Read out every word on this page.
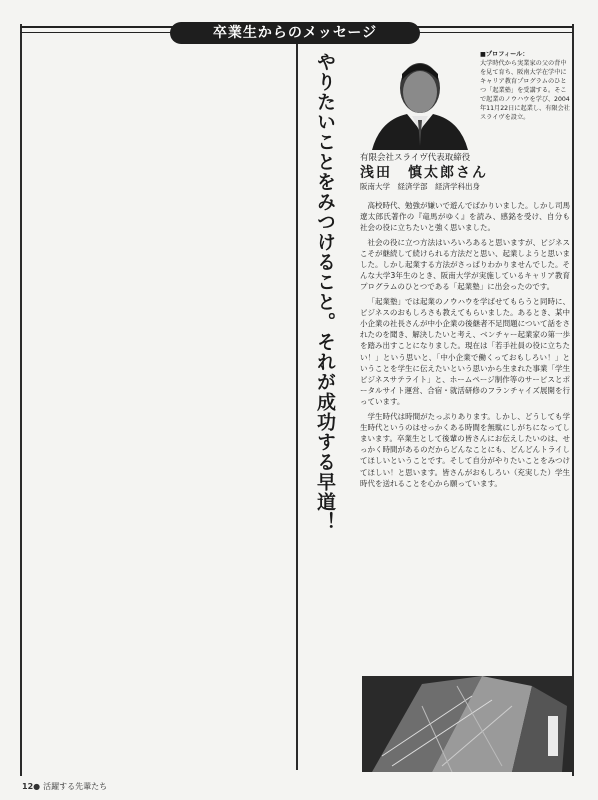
卒業生からのメッセージ
やりたいことをみつけること。それが成功する早道！	■プロフィール：
大学時代から実業家の父の背中を見て育ち、阪南大学在学中にキャリア教育プログラムのひとつ「起業塾」を受講する。そこで起業のノウハウを学び、2004年11月22日に起業し、有限会社スライヴを設立。
有限会社スライヴ代表取締役
浅田　慎太郎さん
阪南大学　経済学部　経済学科出身

高校時代、勉強が嫌いで遊んでばかりいました。しかし司馬遼太郎氏著作の『竜馬がゆく』を読み、感銘を受け、自分も社会の役に立ちたいと強く思いました。

社会の役に立つ方法はいろいろあると思いますが、ビジネスこそが継続して続けられる方法だと思い、起業しようと思いました。しかし起業する方法がさっぱりわかりませんでした。そんな大学3年生のとき、阪南大学が実施しているキャリア教育プログラムのひとつである「起業塾」に出会ったのです。

「起業塾」では起業のノウハウを学ばせてもらうと同時に、ビジネスのおもしろさも教えてもらいました。あるとき、某中小企業の社長さんが中小企業の後継者不足問題について話をされたのを聞き、解決したいと考え、ベンチャー起業家の第一歩を踏み出すことになりました。現在は「若手社員の役に立ちたい！」という思いと、「中小企業で働くっておもしろい！」ということを学生に伝えたいという思いから生まれた事業「学生ビジネスサテライト」と、ホームページ制作等のサービスとポータルサイト運営、合宿・就活研修のフランチャイズ展開を行っています。

学生時代は時間がたっぷりあります。しかし、どうしても学生時代というのはせっかくある時間を無駄にしがちになってしまいます。卒業生として後輩の皆さんにお伝えしたいのは、せっかく時間があるのだからどんなことにも、どんどんトライしてほしいということです。そして自分がやりたいことをみつけてほしい！と思います。皆さんがおもしろい（充実した）学生時代を送れることを心から願っています。

12● 活躍する先輩たち
